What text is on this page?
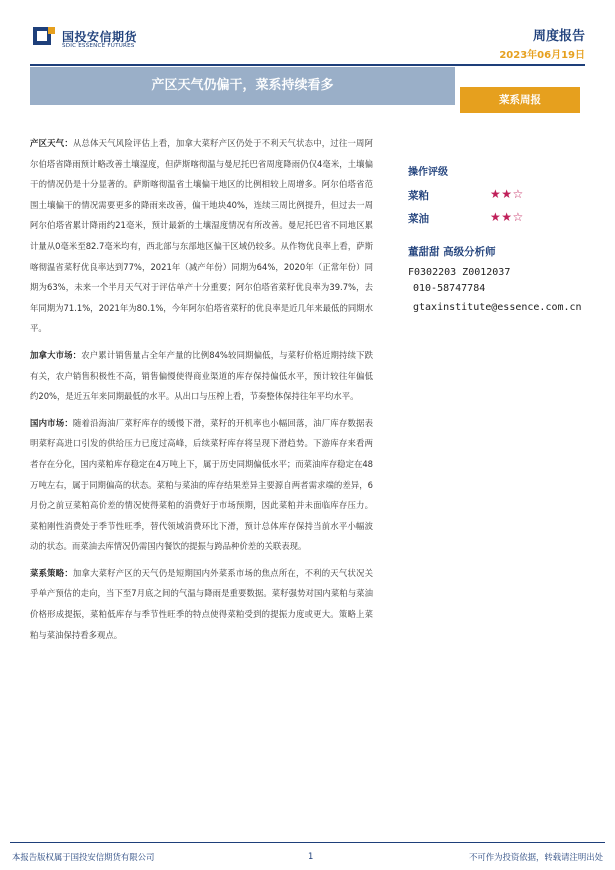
国投安信期货
SDIC ESSENCE FUTURES
周度报告
2023年06月19日
产区天气仍偏干，菜系持续看多
菜系周报

产区天气：从总体天气风险评估上看，加拿大菜籽产区仍处于不利天气状态中，过往一周阿尔伯塔省降雨预计略改善土壤湿度，但萨斯喀彻温与曼尼托巴省周度降雨仍仅4毫米，土壤偏干的情况仍是十分显著的。萨斯喀彻温省土壤偏干地区的比例相较上周增多。阿尔伯塔省范围土壤偏干的情况需要更多的降雨来改善，偏干地块40%，连续三周比例提升，但过去一周阿尔伯塔省累计降雨约21毫米，预计最新的土壤湿度情况有所改善。曼尼托巴省不同地区累计量从0毫米至82.7毫米均有，西北部与东部地区偏干区域仍较多。从作物优良率上看，萨斯喀彻温省菜籽优良率达到77%，2021年（减产年份）同期为64%，2020年（正常年份）同期为63%，未来一个半月天气对于评估单产十分重要；阿尔伯塔省菜籽优良率为39.7%，去年同期为71.1%，2021年为80.1%，今年阿尔伯塔省菜籽的优良率是近几年来最低的同期水平。

加拿大市场：农户累计销售量占全年产量的比例84%较同期偏低，与菜籽价格近期持续下跌有关，农户销售积极性不高，销售偏慢使得商业渠道的库存保持偏低水平，预计较往年偏低约20%，是近五年来同期最低的水平。从出口与压榨上看，节奏整体保持往年平均水平。

国内市场：随着沿海油厂菜籽库存的缓慢下滑，菜籽的开机率也小幅回落，油厂库存数据表明菜籽高进口引发的供给压力已度过高峰，后续菜籽库存将呈现下滑趋势。下游库存来看两者存在分化，国内菜粕库存稳定在4万吨上下，属于历史同期偏低水平；而菜油库存稳定在48万吨左右，属于同期偏高的状态。菜粕与菜油的库存结果差异主要源自两者需求端的差异，6月份之前豆菜粕高价差的情况使得菜粕的消费好于市场预期，因此菜粕并未面临库存压力。菜粕刚性消费处于季节性旺季，替代领域消费环比下滑，预计总体库存保持当前水平小幅波动的状态。而菜油去库情况仍需国内餐饮的提振与跨品种价差的关联表现。

菜系策略：加拿大菜籽产区的天气仍是短期国内外菜系市场的焦点所在，不利的天气状况关乎单产预估的走向，当下至7月底之间的气温与降雨是重要数据。菜籽强势对国内菜粕与菜油价格形成提振，菜粕低库存与季节性旺季的特点使得菜粕受到的提振力度或更大。策略上菜粕与菜油保持看多观点。

操作评级
菜粕	★★☆
菜油	★★☆
董甜甜 高级分析师
F0302203 Z0012037
010-58747784
gtaxinstitute@essence.com.cn
本报告版权属于国投安信期货有限公司	1	不可作为投资依据，转载请注明出处
